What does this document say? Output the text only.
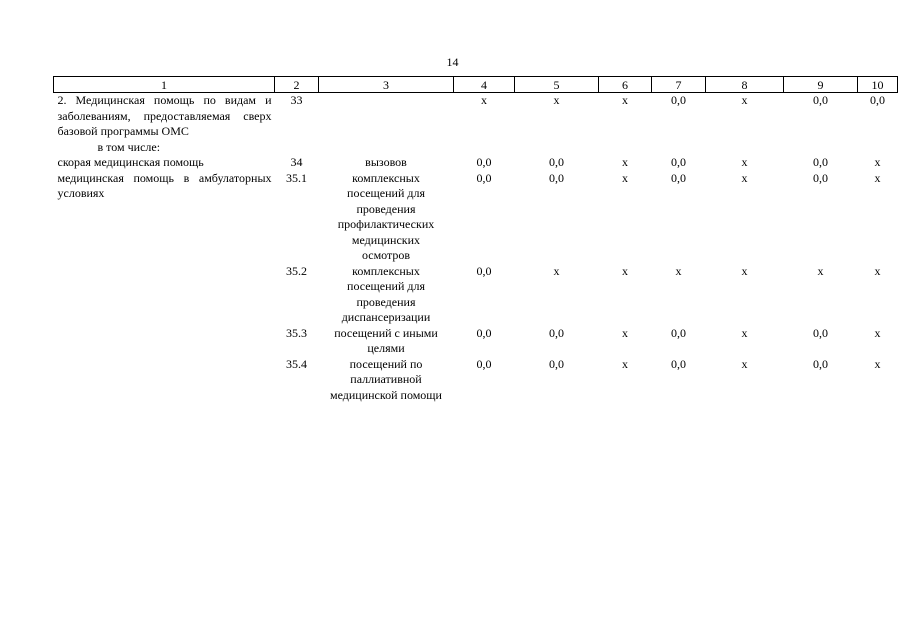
14
1	2	3	4	5	6	7	8	9	10
2. Медицинская помощь по видам и заболеваниям, предоставляемая сверх базовой программы ОМС	33		х	х	х	0,0	х	0,0	0,0

в том числе:									

скорая медицинская помощь	34	вызовов	0,0	0,0	х	0,0	х	0,0	х
медицинская помощь в амбулаторных условиях	35.1	комплексных посещений для проведения профилактических медицинских осмотров	0,0	0,0	х	0,0	х	0,0	х
	35.2	комплексных посещений для проведения диспансеризации	0,0	х	х	х	х	х	х
	35.3	посещений с иными целями	0,0	0,0	х	0,0	х	0,0	х
	35.4	посещений по паллиативной медицинской помощи	0,0	0,0	х	0,0	х	0,0	х
